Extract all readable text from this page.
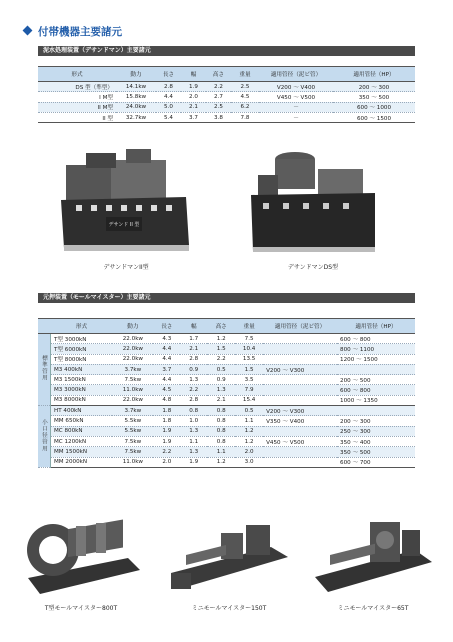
付帯機器主要諸元
泥水処理装置（デサンドマン）主要諸元
形式	動力	長さ	幅	高さ	重量	適用管径（泥ビ管）	適用管径（HP）
DS 型（準型）	14.1kw	2.8	1.9	2.2	2.5	V200 ～ V400	200 ～ 300
I M型	15.8kw	4.4	2.0	2.7	4.5	V450 ～ V500	350 ～ 500
II M型	24.0kw	5.0	2.1	2.5	6.2	－	600 ～ 1000
II 型	32.7kw	5.4	3.7	3.8	7.8	－	600 ～ 1500
デサンド II 型
デサンドマンII型	デサンドマンDS型
元押装置（モールマイスター）主要諸元
	形式	動力	長さ	幅	高さ	重量	適用管径（泥ビ管）	適用管径（HP）
標準管用	T型 3000kN	22.0kw	4.3	1.7	1.2	7.5		600 ～ 800
	T型 6000kN	22.0kw	4.4	2.1	1.5	10.4		800 ～ 1100
	T型 8000kN	22.0kw	4.4	2.8	2.2	13.5		1200 ～ 1500
	M3 400kN	3.7kw	3.7	0.9	0.5	1.5	V200 ～ V300	
	M3 1500kN	7.5kw	4.4	1.3	0.9	3.5		200 ～ 500
	M3 3000kN	11.0kw	4.5	2.2	1.3	7.9		600 ～ 800
	M3 8000kN	22.0kw	4.8	2.8	2.1	15.4		1000 ～ 1350
小口径管用	HT 400kN	3.7kw	1.8	0.8	0.8	0.5	V200 ～ V300	
	MM 650kN	5.5kw	1.8	1.0	0.8	1.1	V350 ～ V400	200 ～ 300
	MC 800kN	5.5kw	1.9	1.3	0.8	1.2		250 ～ 300
	MC 1200kN	7.5kw	1.9	1.1	0.8	1.2	V450 ～ V500	350 ～ 400
	MM 1500kN	7.5kw	2.2	1.3	1.1	2.0		350 ～ 500
	MM 2000kN	11.0kw	2.0	1.9	1.2	3.0		600 ～ 700
T型モールマイスター800T	ミニモールマイスター150T	ミニモールマイスター65T
